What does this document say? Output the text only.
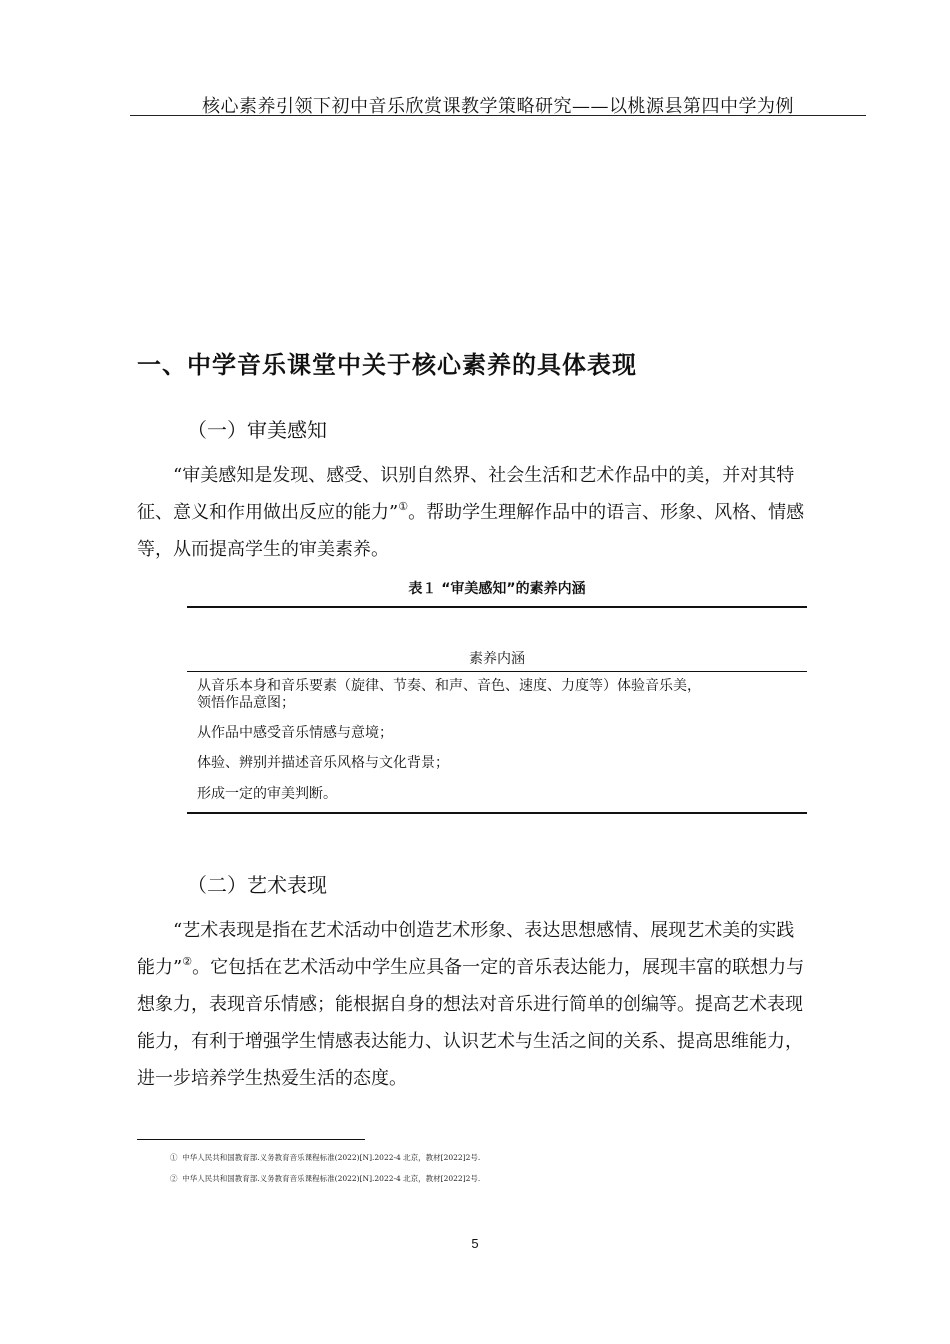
核心素养引领下初中音乐欣赏课教学策略研究——以桃源县第四中学为例
一、中学音乐课堂中关于核心素养的具体表现
（一）审美感知
“审美感知是发现、感受、识别自然界、社会生活和艺术作品中的美，并对其特
征、意义和作用做出反应的能力”①。帮助学生理解作品中的语言、形象、风格、情感
等，从而提高学生的审美素养。
表１ “审美感知”的素养内涵
素养内涵
从音乐本身和音乐要素（旋律、节奏、和声、音色、速度、力度等）体验音乐美，
领悟作品意图；
从作品中感受音乐情感与意境；
体验、辨别并描述音乐风格与文化背景；
形成一定的审美判断。
（二）艺术表现
“艺术表现是指在艺术活动中创造艺术形象、表达思想感情、展现艺术美的实践
能力”②。它包括在艺术活动中学生应具备一定的音乐表达能力，展现丰富的联想力与
想象力，表现音乐情感；能根据自身的想法对音乐进行简单的创编等。提高艺术表现
能力，有利于增强学生情感表达能力、认识艺术与生活之间的关系、提高思维能力，
进一步培养学生热爱生活的态度。
① 中华人民共和国教育部.义务教育音乐课程标准(2022)[N].2022-4 北京，教材[2022]2号.
② 中华人民共和国教育部.义务教育音乐课程标准(2022)[N].2022-4 北京，教材[2022]2号.
5
